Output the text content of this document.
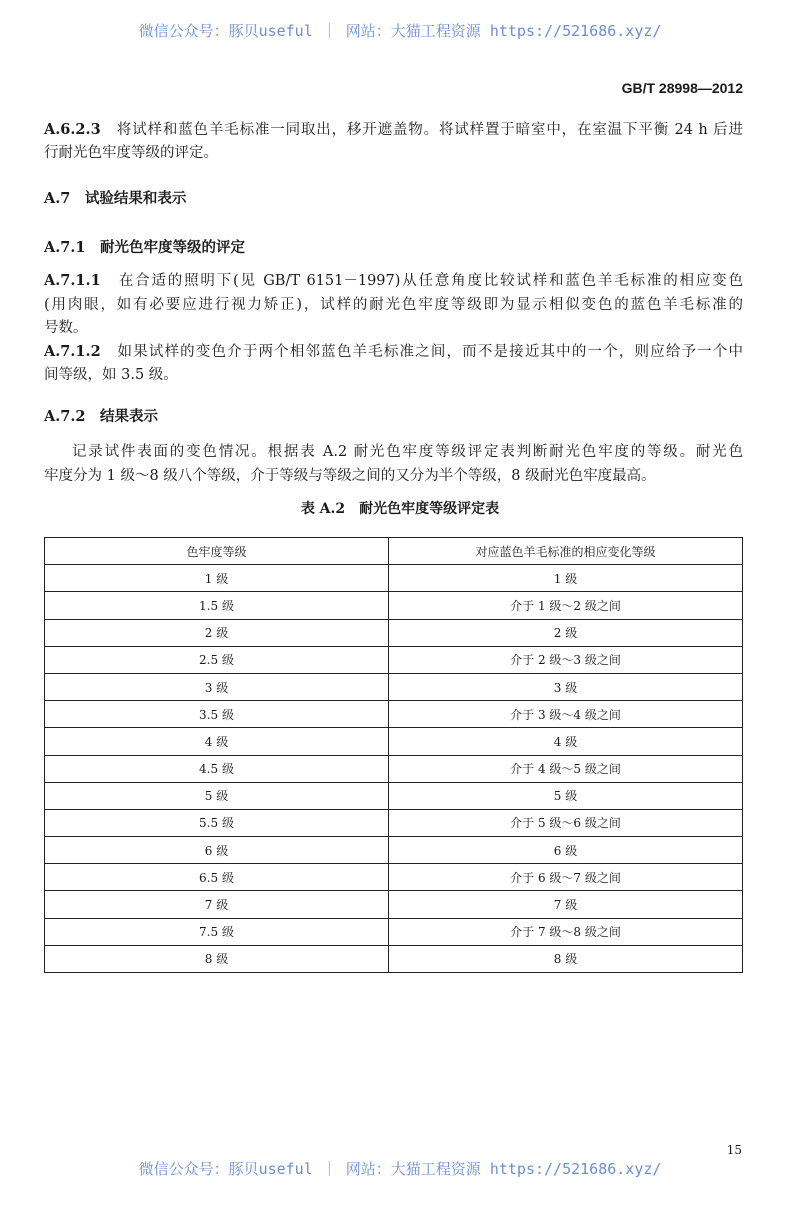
微信公众号：豚贝useful ｜ 网站：大猫工程资源 https://521686.xyz/
GB/T 28998—2012
A.6.2.3　 将试样和蓝色羊毛标准一同取出，移开遮盖物。将试样置于暗室中，在室温下平衡 24 h 后进
行耐光色牢度等级的评定。
A.7　 试验结果和表示
A.7.1　 耐光色牢度等级的评定
A.7.1.1　 在合适的照明下(见 GB/T 6151－1997)从任意角度比较试样和蓝色羊毛标准的相应变色
(用肉眼，如有必要应进行视力矫正)，试样的耐光色牢度等级即为显示相似变色的蓝色羊毛标准的
号数。
A.7.1.2　 如果试样的变色介于两个相邻蓝色羊毛标准之间，而不是接近其中的一个，则应给予一个中
间等级，如 3.5 级。
A.7.2　 结果表示
记录试件表面的变色情况。根据表 A.2 耐光色牢度等级评定表判断耐光色牢度的等级。耐光色
牢度分为 1 级～8 级八个等级，介于等级与等级之间的又分为半个等级，8 级耐光色牢度最高。
表 A.2　耐光色牢度等级评定表
色牢度等级	对应蓝色羊毛标准的相应变化等级
1 级	1 级
1.5 级	介于 1 级～2 级之间
2 级	2 级
2.5 级	介于 2 级～3 级之间
3 级	3 级
3.5 级	介于 3 级～4 级之间
4 级	4 级
4.5 级	介于 4 级～5 级之间
5 级	5 级
5.5 级	介于 5 级～6 级之间
6 级	6 级
6.5 级	介于 6 级～7 级之间
7 级	7 级
7.5 级	介于 7 级～8 级之间
8 级	8 级
15
微信公众号：豚贝useful ｜ 网站：大猫工程资源 https://521686.xyz/
